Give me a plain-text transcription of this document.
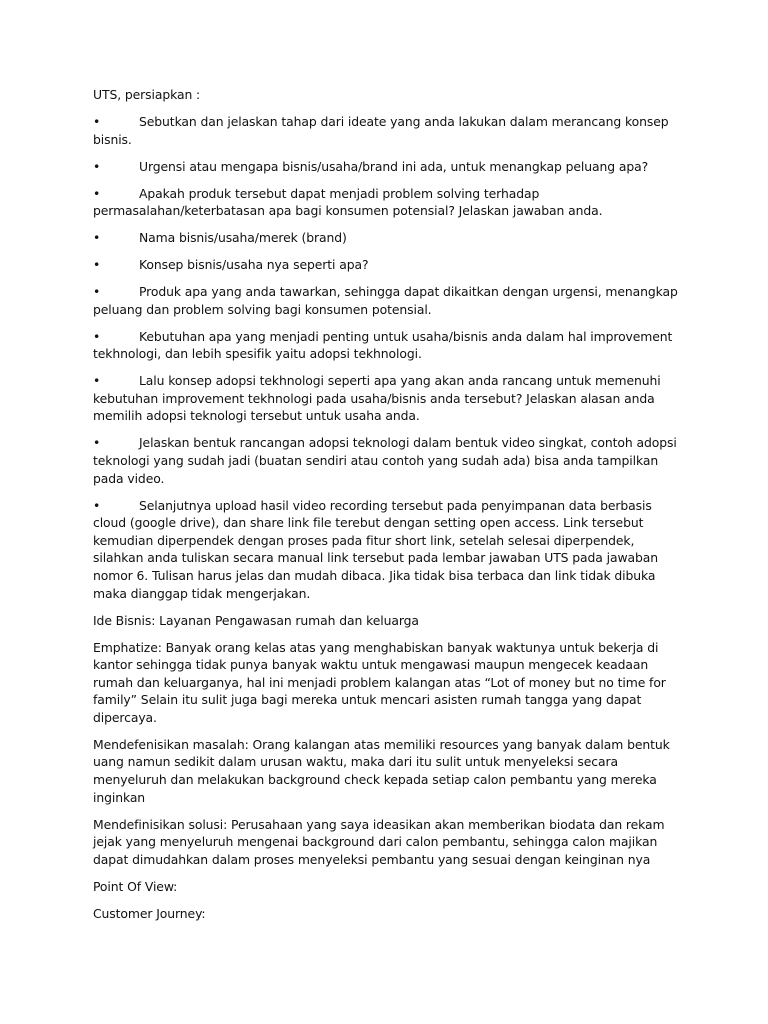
UTS, persiapkan :

•	Sebutkan dan jelaskan tahap dari ideate yang anda lakukan dalam merancang konsep bisnis.
•	Urgensi atau mengapa bisnis/usaha/brand ini ada, untuk menangkap peluang apa?
•	Apakah produk tersebut dapat menjadi problem solving terhadap permasalahan/keterbatasan apa bagi konsumen potensial? Jelaskan jawaban anda.
•	Nama bisnis/usaha/merek (brand)
•	Konsep bisnis/usaha nya seperti apa?
•	Produk apa yang anda tawarkan, sehingga dapat dikaitkan dengan urgensi, menangkap peluang dan problem solving bagi konsumen potensial.
•	Kebutuhan apa yang menjadi penting untuk usaha/bisnis anda dalam hal improvement tekhnologi, dan lebih spesifik yaitu adopsi tekhnologi.
•	Lalu konsep adopsi tekhnologi seperti apa yang akan anda rancang untuk memenuhi kebutuhan improvement tekhnologi pada usaha/bisnis anda tersebut? Jelaskan alasan anda memilih adopsi teknologi tersebut untuk usaha anda.
•	Jelaskan bentuk rancangan adopsi teknologi dalam bentuk video singkat, contoh adopsi teknologi yang sudah jadi (buatan sendiri atau contoh yang sudah ada) bisa anda tampilkan pada video.
•	Selanjutnya upload hasil video recording tersebut pada penyimpanan data berbasis cloud (google drive), dan share link file terebut dengan setting open access. Link tersebut kemudian diperpendek dengan proses pada fitur short link, setelah selesai diperpendek, silahkan anda tuliskan secara manual link tersebut pada lembar jawaban UTS pada jawaban nomor 6. Tulisan harus jelas dan mudah dibaca. Jika tidak bisa terbaca dan link tidak dibuka maka dianggap tidak mengerjakan.

Ide Bisnis: Layanan Pengawasan rumah dan keluarga

Emphatize: Banyak orang kelas atas yang menghabiskan banyak waktunya untuk bekerja di kantor sehingga tidak punya banyak waktu untuk mengawasi maupun mengecek keadaan rumah dan keluarganya, hal ini menjadi problem kalangan atas “Lot of money but no time for family” Selain itu sulit juga bagi mereka untuk mencari asisten rumah tangga yang dapat dipercaya.

Mendefenisikan masalah: Orang kalangan atas memiliki resources yang banyak dalam bentuk uang namun sedikit dalam urusan waktu, maka dari itu sulit untuk menyeleksi secara menyeluruh dan melakukan background check kepada setiap calon pembantu yang mereka inginkan

Mendefinisikan solusi: Perusahaan yang saya ideasikan akan memberikan biodata dan rekam jejak yang menyeluruh mengenai background dari calon pembantu, sehingga calon majikan dapat dimudahkan dalam proses menyeleksi pembantu yang sesuai dengan keinginan nya

Point Of View:

Customer Journey:
